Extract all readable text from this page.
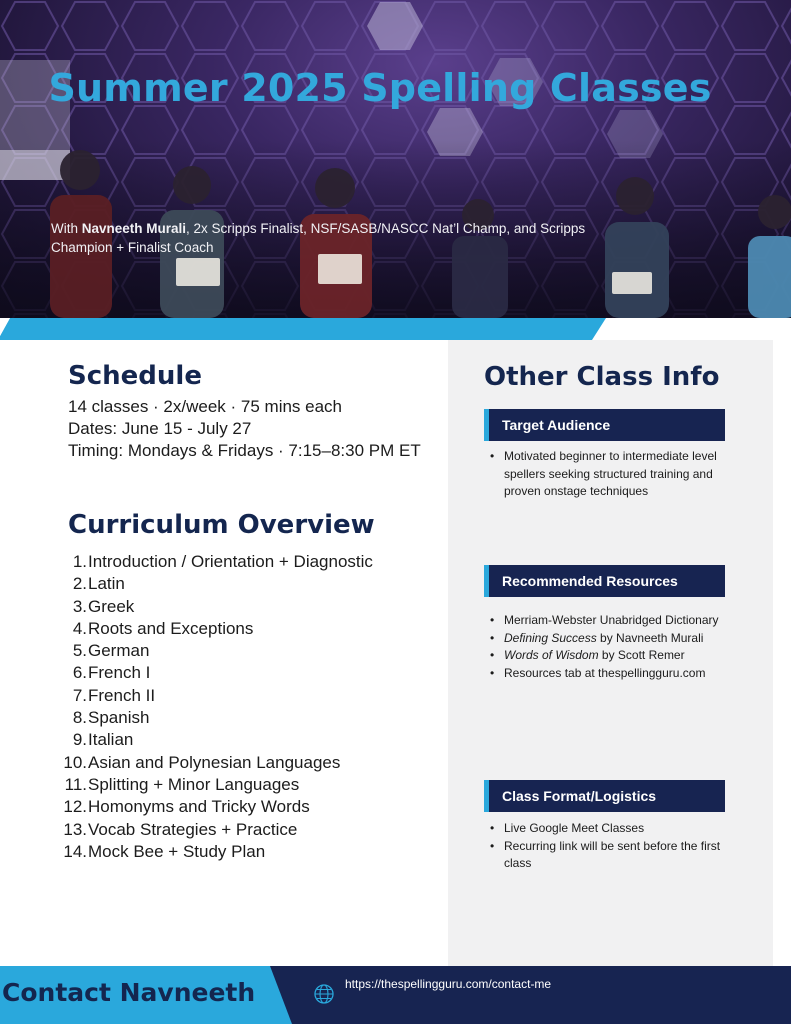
Summer 2025 Spelling Classes
With Navneeth Murali, 2x Scripps Finalist, NSF/SASB/NASCC Nat’l Champ, and Scripps Champion + Finalist Coach
Schedule
14 classes · 2x/week · 75 mins each
Dates: June 15 - July 27
Timing: Mondays & Fridays · 7:15–8:30 PM ET
Curriculum Overview
1. Introduction / Orientation + Diagnostic
2. Latin
3. Greek
4. Roots and Exceptions
5. German
6. French I
7. French II
8. Spanish
9. Italian
10. Asian and Polynesian Languages
11. Splitting + Minor Languages
12. Homonyms and Tricky Words
13. Vocab Strategies + Practice
14. Mock Bee + Study Plan
Other Class Info
Target Audience
• Motivated beginner to intermediate level spellers seeking structured training and proven onstage techniques
Recommended Resources
• Merriam-Webster Unabridged Dictionary
• Defining Success by Navneeth Murali
• Words of Wisdom by Scott Remer
• Resources tab at thespellingguru.com
Class Format/Logistics
• Live Google Meet Classes
• Recurring link will be sent before the first class
Contact Navneeth	https://thespellingguru.com/contact-me
